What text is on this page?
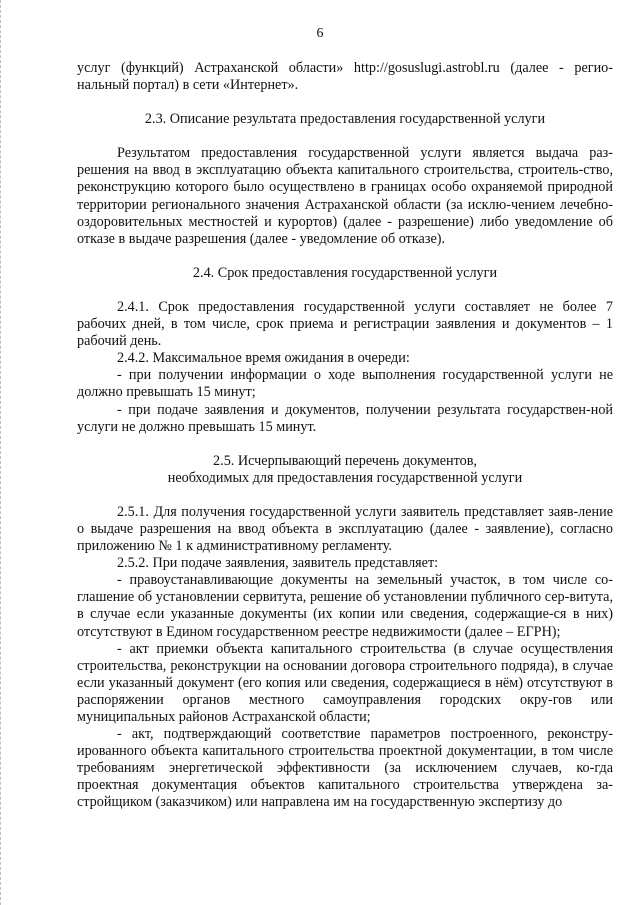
6

услуг (функций) Астраханской области» http://gosuslugi.astrobl.ru (далее - регио-нальный портал) в сети «Интернет».

2.3. Описание результата предоставления государственной услуги

Результатом предоставления государственной услуги является выдача раз-решения на ввод в эксплуатацию объекта капитального строительства, строитель-ство, реконструкцию которого было осуществлено в границах особо охраняемой природной территории регионального значения Астраханской области (за исклю-чением лечебно-оздоровительных местностей и курортов) (далее - разрешение) либо уведомление об отказе в выдаче разрешения (далее - уведомление об отказе).

2.4. Срок предоставления государственной услуги

2.4.1. Срок предоставления государственной услуги составляет не более 7 рабочих дней, в том числе, срок приема и регистрации заявления и документов – 1 рабочий день.

2.4.2. Максимальное время ожидания в очереди:

- при получении информации о ходе выполнения государственной услуги не должно превышать 15 минут;

- при подаче заявления и документов, получении результата государствен-ной услуги не должно превышать 15 минут.

2.5. Исчерпывающий перечень документов,

необходимых для предоставления государственной услуги

2.5.1. Для получения государственной услуги заявитель представляет заяв-ление о выдаче разрешения на ввод объекта в эксплуатацию (далее - заявление), согласно приложению № 1 к административному регламенту.

2.5.2. При подаче заявления, заявитель представляет:

- правоустанавливающие документы на земельный участок, в том числе со-глашение об установлении сервитута, решение об установлении публичного сер-витута, в случае если указанные документы (их копии или сведения, содержащие-ся в них) отсутствуют в Едином государственном реестре недвижимости (далее – ЕГРН);

- акт приемки объекта капитального строительства (в случае осуществления строительства, реконструкции на основании договора строительного подряда), в случае если указанный документ (его копия или сведения, содержащиеся в нём) отсутствуют в распоряжении органов местного самоуправления городских окру-гов или муниципальных районов Астраханской области;

- акт, подтверждающий соответствие параметров построенного, реконстру-ированного объекта капитального строительства проектной документации, в том числе требованиям энергетической эффективности (за исключением случаев, ко-гда проектная документация объектов капитального строительства утверждена за-стройщиком (заказчиком) или направлена им на государственную экспертизу до
